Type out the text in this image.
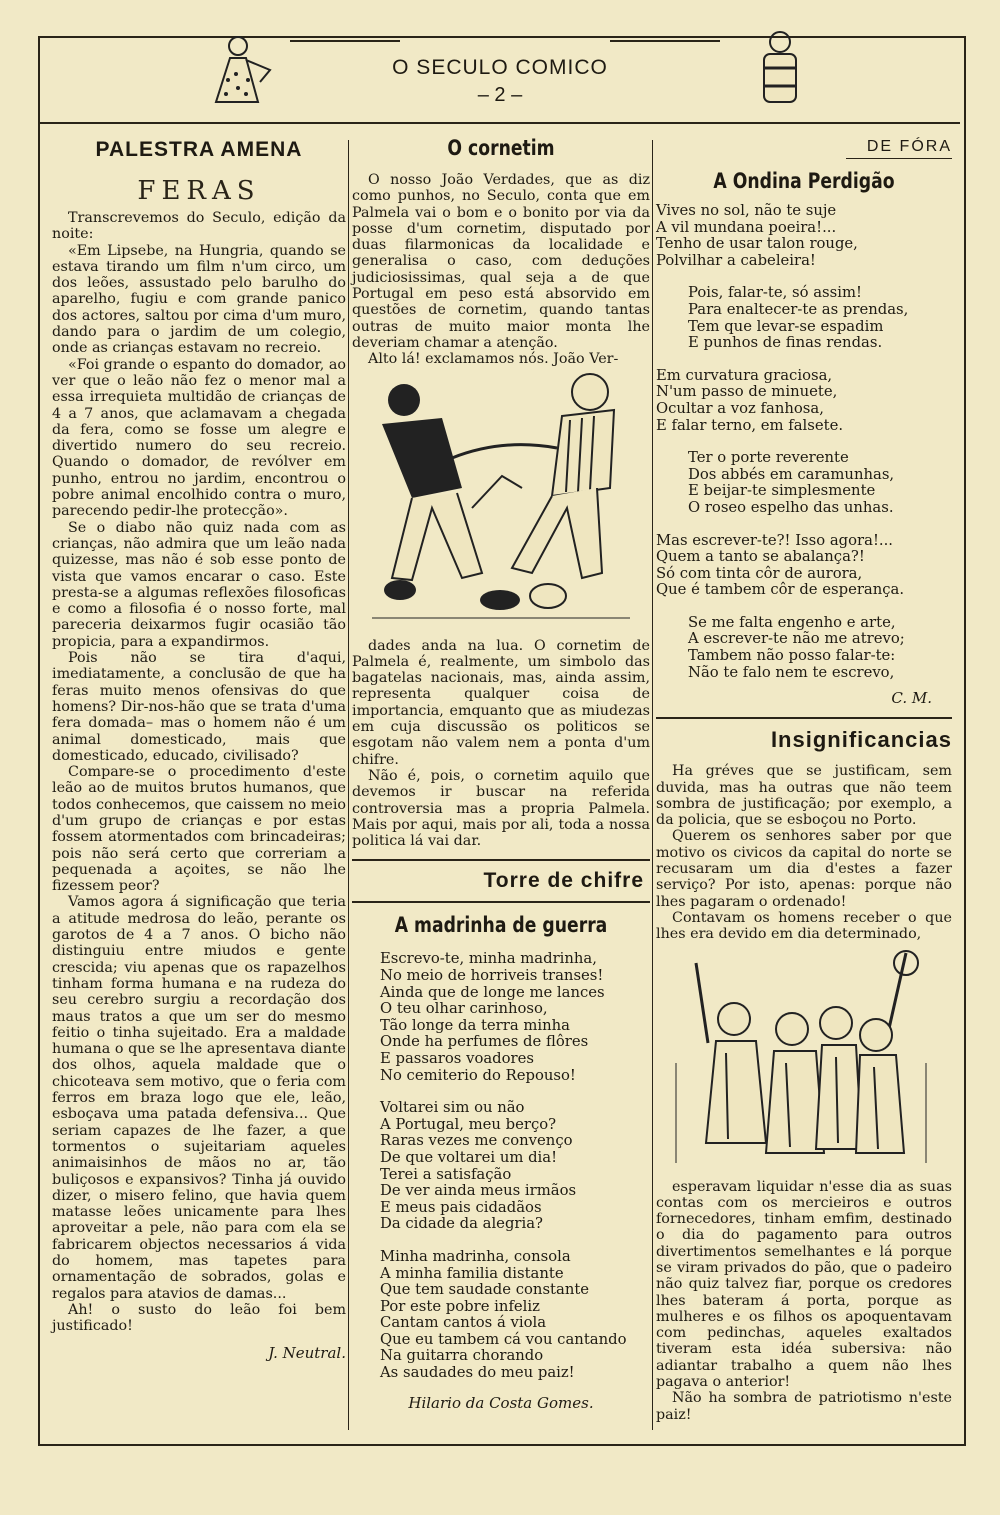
O SECULO COMICO
– 2 –
PALESTRA AMENA
FERAS

Transcrevemos do Seculo, edição da noite:

«Em Lipsebe, na Hungria, quando se estava tirando um film n'um circo, um dos leões, assustado pelo barulho do aparelho, fugiu e com grande panico dos actores, saltou por cima d'um muro, dando para o jardim de um colegio, onde as crianças estavam no recreio.

«Foi grande o espanto do domador, ao ver que o leão não fez o menor mal a essa irrequieta multidão de crianças de 4 a 7 anos, que aclamavam a chegada da fera, como se fosse um alegre e divertido numero do seu recreio. Quando o domador, de revólver em punho, entrou no jardim, encontrou o pobre animal encolhido contra o muro, parecendo pedir-lhe protecção».

Se o diabo não quiz nada com as crianças, não admira que um leão nada quizesse, mas não é sob esse ponto de vista que vamos encarar o caso. Este presta-se a algumas reflexões filosoficas e como a filosofia é o nosso forte, mal pareceria deixarmos fugir ocasião tão propicia, para a expandirmos.

Pois não se tira d'aqui, imediatamente, a conclusão de que ha feras muito menos ofensivas do que homens? Dir-nos-hão que se trata d'uma fera domada– mas o homem não é um animal domesticado, mais que domesticado, educado, civilisado?

Compare-se o procedimento d'este leão ao de muitos brutos humanos, que todos conhecemos, que caissem no meio d'um grupo de crianças e por estas fossem atormentados com brincadeiras; pois não será certo que correriam a pequenada a açoites, se não lhe fizessem peor?

Vamos agora á significação que teria a atitude medrosa do leão, perante os garotos de 4 a 7 anos. O bicho não distinguiu entre miudos e gente crescida; viu apenas que os rapazelhos tinham forma humana e na rudeza do seu cerebro surgiu a recordação dos maus tratos a que um ser do mesmo feitio o tinha sujeitado. Era a maldade humana o que se lhe apresentava diante dos olhos, aquela maldade que o chicoteava sem motivo, que o feria com ferros em braza logo que ele, leão, esboçava uma patada defensiva... Que seriam capazes de lhe fazer, a que tormentos o sujeitariam aqueles animaisinhos de mãos no ar, tão buliçosos e expansivos? Tinha já ouvido dizer, o misero felino, que havia quem matasse leões unicamente para lhes aproveitar a pele, não para com ela se fabricarem objectos necessarios á vida do homem, mas tapetes para ornamentação de sobrados, golas e regalos para atavios de damas...

Ah! o susto do leão foi bem justificado!

J. Neutral.
O cornetim

O nosso João Verdades, que as diz como punhos, no Seculo, conta que em Palmela vai o bom e o bonito por via da posse d'um cornetim, disputado por duas filarmonicas da localidade e generalisa o caso, com deduções judiciosissimas, qual seja a de que Portugal em peso está absorvido em questões de cornetim, quando tantas outras de muito maior monta lhe deveriam chamar a atenção.

Alto lá! exclamamos nós. João Ver-

dades anda na lua. O cornetim de Palmela é, realmente, um simbolo das bagatelas nacionais, mas, ainda assim, representa qualquer coisa de importancia, emquanto que as miudezas em cuja discussão os politicos se esgotam não valem nem a ponta d'um chifre.

Não é, pois, o cornetim aquilo que devemos ir buscar na referida controversia mas a propria Palmela. Mais por aqui, mais por ali, toda a nossa politica lá vai dar.

Torre de chifre
A madrinha de guerra
Escrevo-te, minha madrinha,
No meio de horriveis transes!
Ainda que de longe me lances
O teu olhar carinhoso,
Tão longe da terra minha
Onde ha perfumes de flôres
E passaros voadores
No cemiterio do Repouso!
Voltarei sim ou não
A Portugal, meu berço?
Raras vezes me convenço
De que voltarei um dia!
Terei a satisfação
De ver ainda meus irmãos
E meus pais cidadãos
Da cidade da alegria?
Minha madrinha, consola
A minha familia distante
Que tem saudade constante
Por este pobre infeliz
Cantam cantos á viola
Que eu tambem cá vou cantando
Na guitarra chorando
As saudades do meu paiz!
Hilario da Costa Gomes.
DE FÓRA
A Ondina Perdigão
Vives no sol, não te suje
A vil mundana poeira!...
Tenho de usar talon rouge,
Polvilhar a cabeleira!
Pois, falar-te, só assim!
Para enaltecer-te as prendas,
Tem que levar-se espadim
E punhos de finas rendas.
Em curvatura graciosa,
N'um passo de minuete,
Ocultar a voz fanhosa,
E falar terno, em falsete.
Ter o porte reverente
Dos abbés em caramunhas,
E beijar-te simplesmente
O roseo espelho das unhas.
Mas escrever-te?! Isso agora!...
Quem a tanto se abalança?!
Só com tinta côr de aurora,
Que é tambem côr de esperança.
Se me falta engenho e arte,
A escrever-te não me atrevo;
Tambem não posso falar-te:
Não te falo nem te escrevo,
C. M.
Insignificancias

Ha gréves que se justificam, sem duvida, mas ha outras que não teem sombra de justificação; por exemplo, a da policia, que se esboçou no Porto.

Querem os senhores saber por que motivo os civicos da capital do norte se recusaram um dia d'estes a fazer serviço? Por isto, apenas: porque não lhes pagaram o ordenado!

Contavam os homens receber o que lhes era devido em dia determinado,

esperavam liquidar n'esse dia as suas contas com os mercieiros e outros fornecedores, tinham emfim, destinado o dia do pagamento para outros divertimentos semelhantes e lá porque se viram privados do pão, que o padeiro não quiz talvez fiar, porque os credores lhes bateram á porta, porque as mulheres e os filhos os apoquentavam com pedinchas, aqueles exaltados tiveram esta idéa subersiva: não adiantar trabalho a quem não lhes pagava o anterior!

Não ha sombra de patriotismo n'este paiz!
